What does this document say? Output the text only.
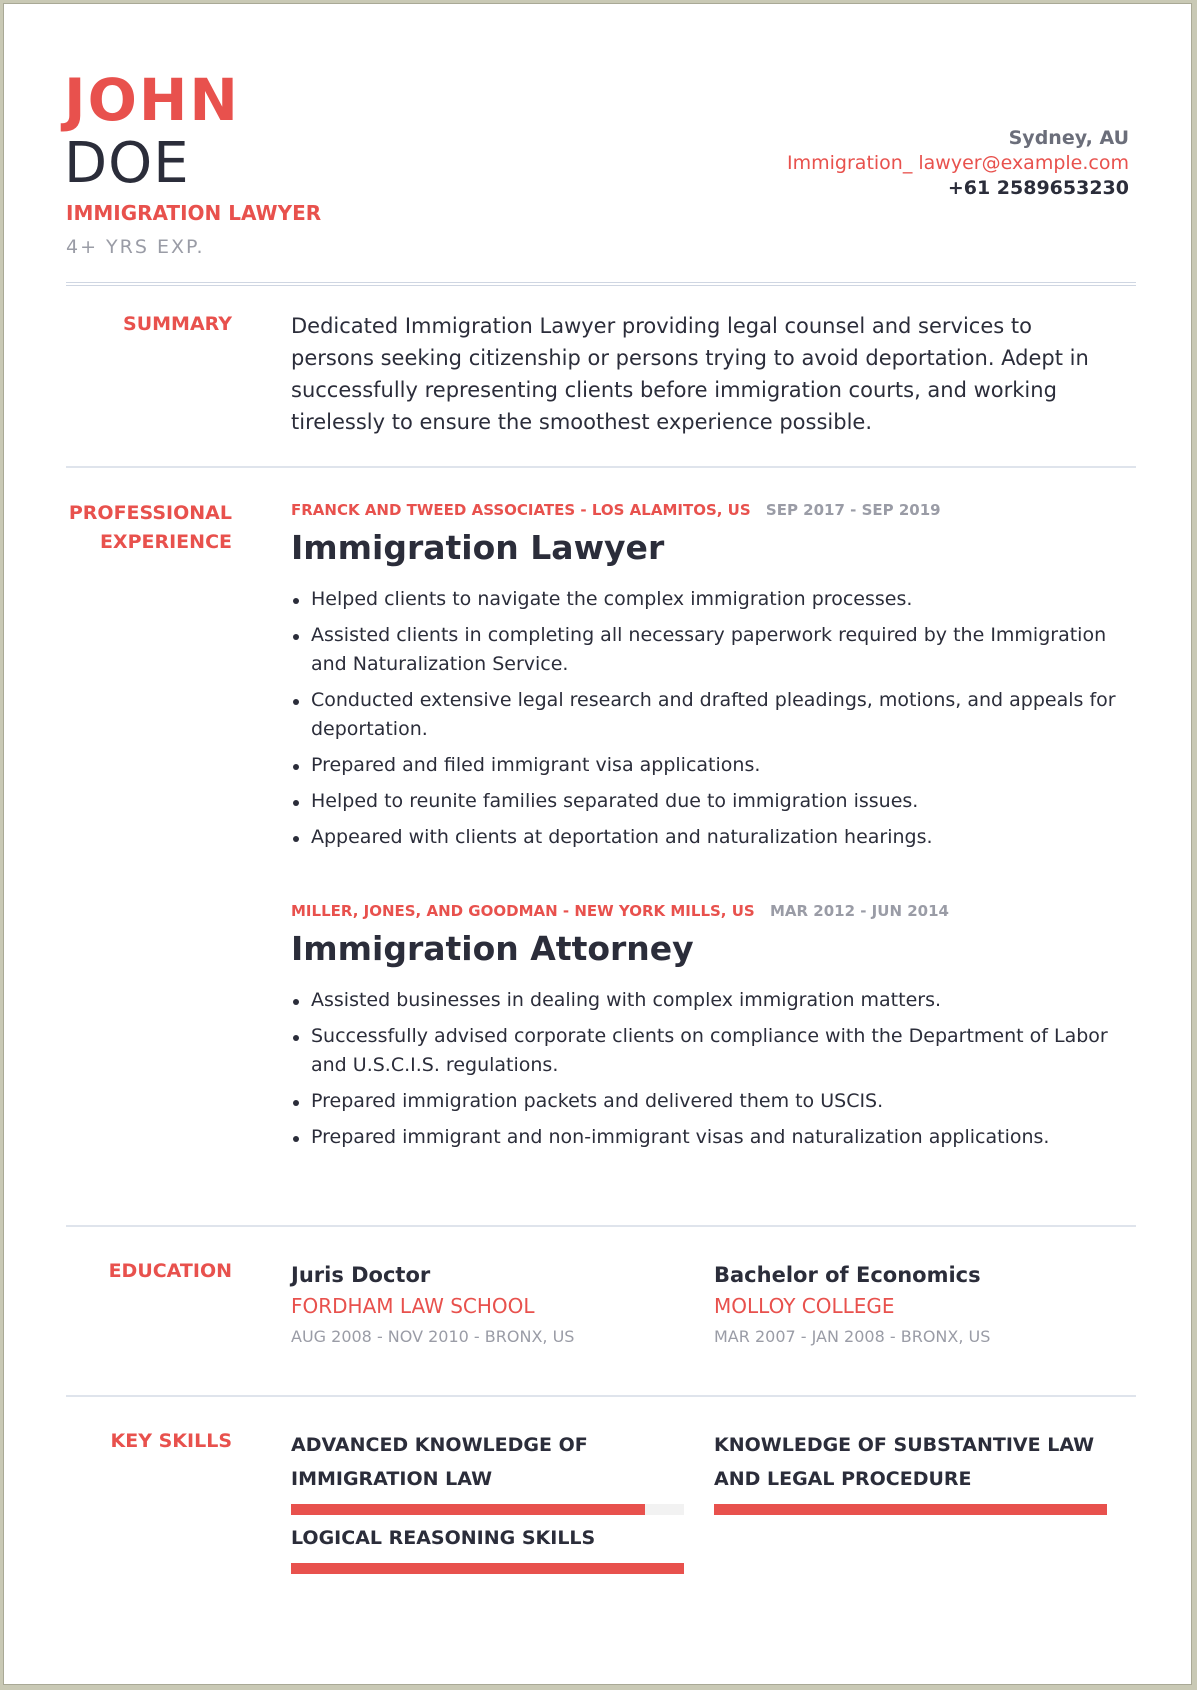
JOHN
DOE
IMMIGRATION LAWYER
4+ YRS EXP.
Sydney, AU
Immigration_ lawyer@example.com
+61 2589653230
SUMMARY	Dedicated Immigration Lawyer providing legal counsel and services to persons seeking citizenship or persons trying to avoid deportation. Adept in successfully representing clients before immigration courts, and working tirelessly to ensure the smoothest experience possible.
PROFESSIONAL
EXPERIENCE
FRANCK AND TWEED ASSOCIATES - LOS ALAMITOS, US SEP 2017 - SEP 2019
Immigration Lawyer
Helped clients to navigate the complex immigration processes.
Assisted clients in completing all necessary paperwork required by the Immigration and Naturalization Service.
Conducted extensive legal research and drafted pleadings, motions, and appeals for deportation.
Prepared and filed immigrant visa applications.
Helped to reunite families separated due to immigration issues.
Appeared with clients at deportation and naturalization hearings.
MILLER, JONES, AND GOODMAN - NEW YORK MILLS, US MAR 2012 - JUN 2014
Immigration Attorney
Assisted businesses in dealing with complex immigration matters.
Successfully advised corporate clients on compliance with the Department of Labor and U.S.C.I.S. regulations.
Prepared immigration packets and delivered them to USCIS.
Prepared immigrant and non-immigrant visas and naturalization applications.
EDUCATION	Juris Doctor
FORDHAM LAW SCHOOL
AUG 2008 - NOV 2010 - BRONX, US
Bachelor of Economics
MOLLOY COLLEGE
MAR 2007 - JAN 2008 - BRONX, US
KEY SKILLS	ADVANCED KNOWLEDGE OF IMMIGRATION LAW
KNOWLEDGE OF SUBSTANTIVE LAW AND LEGAL PROCEDURE
LOGICAL REASONING SKILLS
